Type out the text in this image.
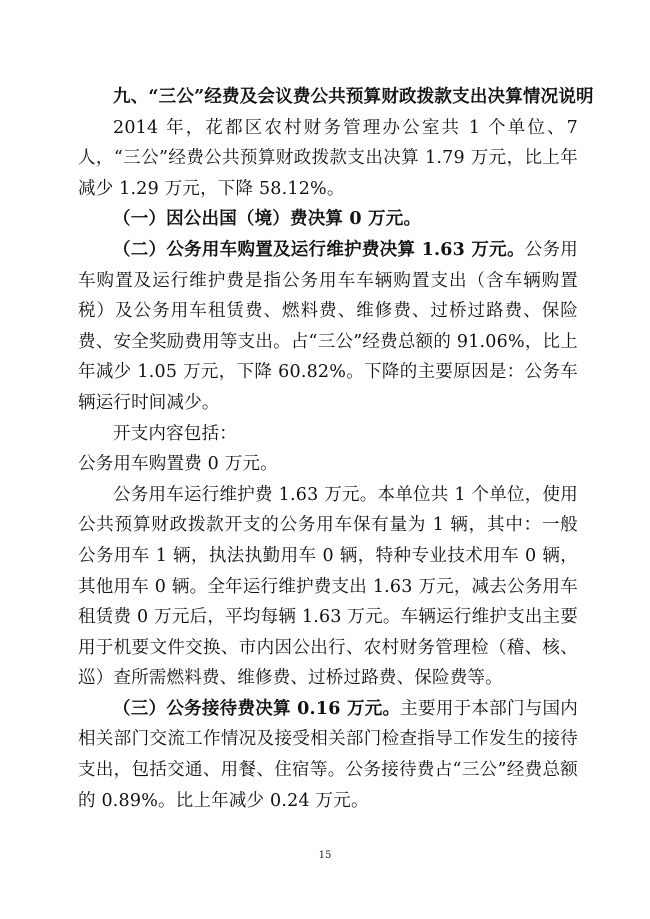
九、“三公”经费及会议费公共预算财政拨款支出决算情况说明

2014 年，花都区农村财务管理办公室共 1 个单位、7 人，“三公”经费公共预算财政拨款支出决算 1.79 万元，比上年减少 1.29 万元，下降 58.12%。

（一）因公出国（境）费决算 0 万元。

（二）公务用车购置及运行维护费决算 1.63 万元。公务用车购置及运行维护费是指公务用车车辆购置支出（含车辆购置税）及公务用车租赁费、燃料费、维修费、过桥过路费、保险费、安全奖励费用等支出。占“三公”经费总额的 91.06%，比上年减少 1.05 万元，下降 60.82%。下降的主要原因是：公务车辆运行时间减少。

开支内容包括：

公务用车购置费 0 万元。

公务用车运行维护费 1.63 万元。本单位共 1 个单位，使用公共预算财政拨款开支的公务用车保有量为 1 辆，其中：一般公务用车 1 辆，执法执勤用车 0 辆，特种专业技术用车 0 辆，其他用车 0 辆。全年运行维护费支出 1.63 万元，减去公务用车租赁费 0 万元后，平均每辆 1.63 万元。车辆运行维护支出主要用于机要文件交换、市内因公出行、农村财务管理检（稽、核、巡）查所需燃料费、维修费、过桥过路费、保险费等。

（三）公务接待费决算 0.16 万元。主要用于本部门与国内相关部门交流工作情况及接受相关部门检查指导工作发生的接待支出，包括交通、用餐、住宿等。公务接待费占“三公”经费总额的 0.89%。比上年减少 0.24 万元。

15
